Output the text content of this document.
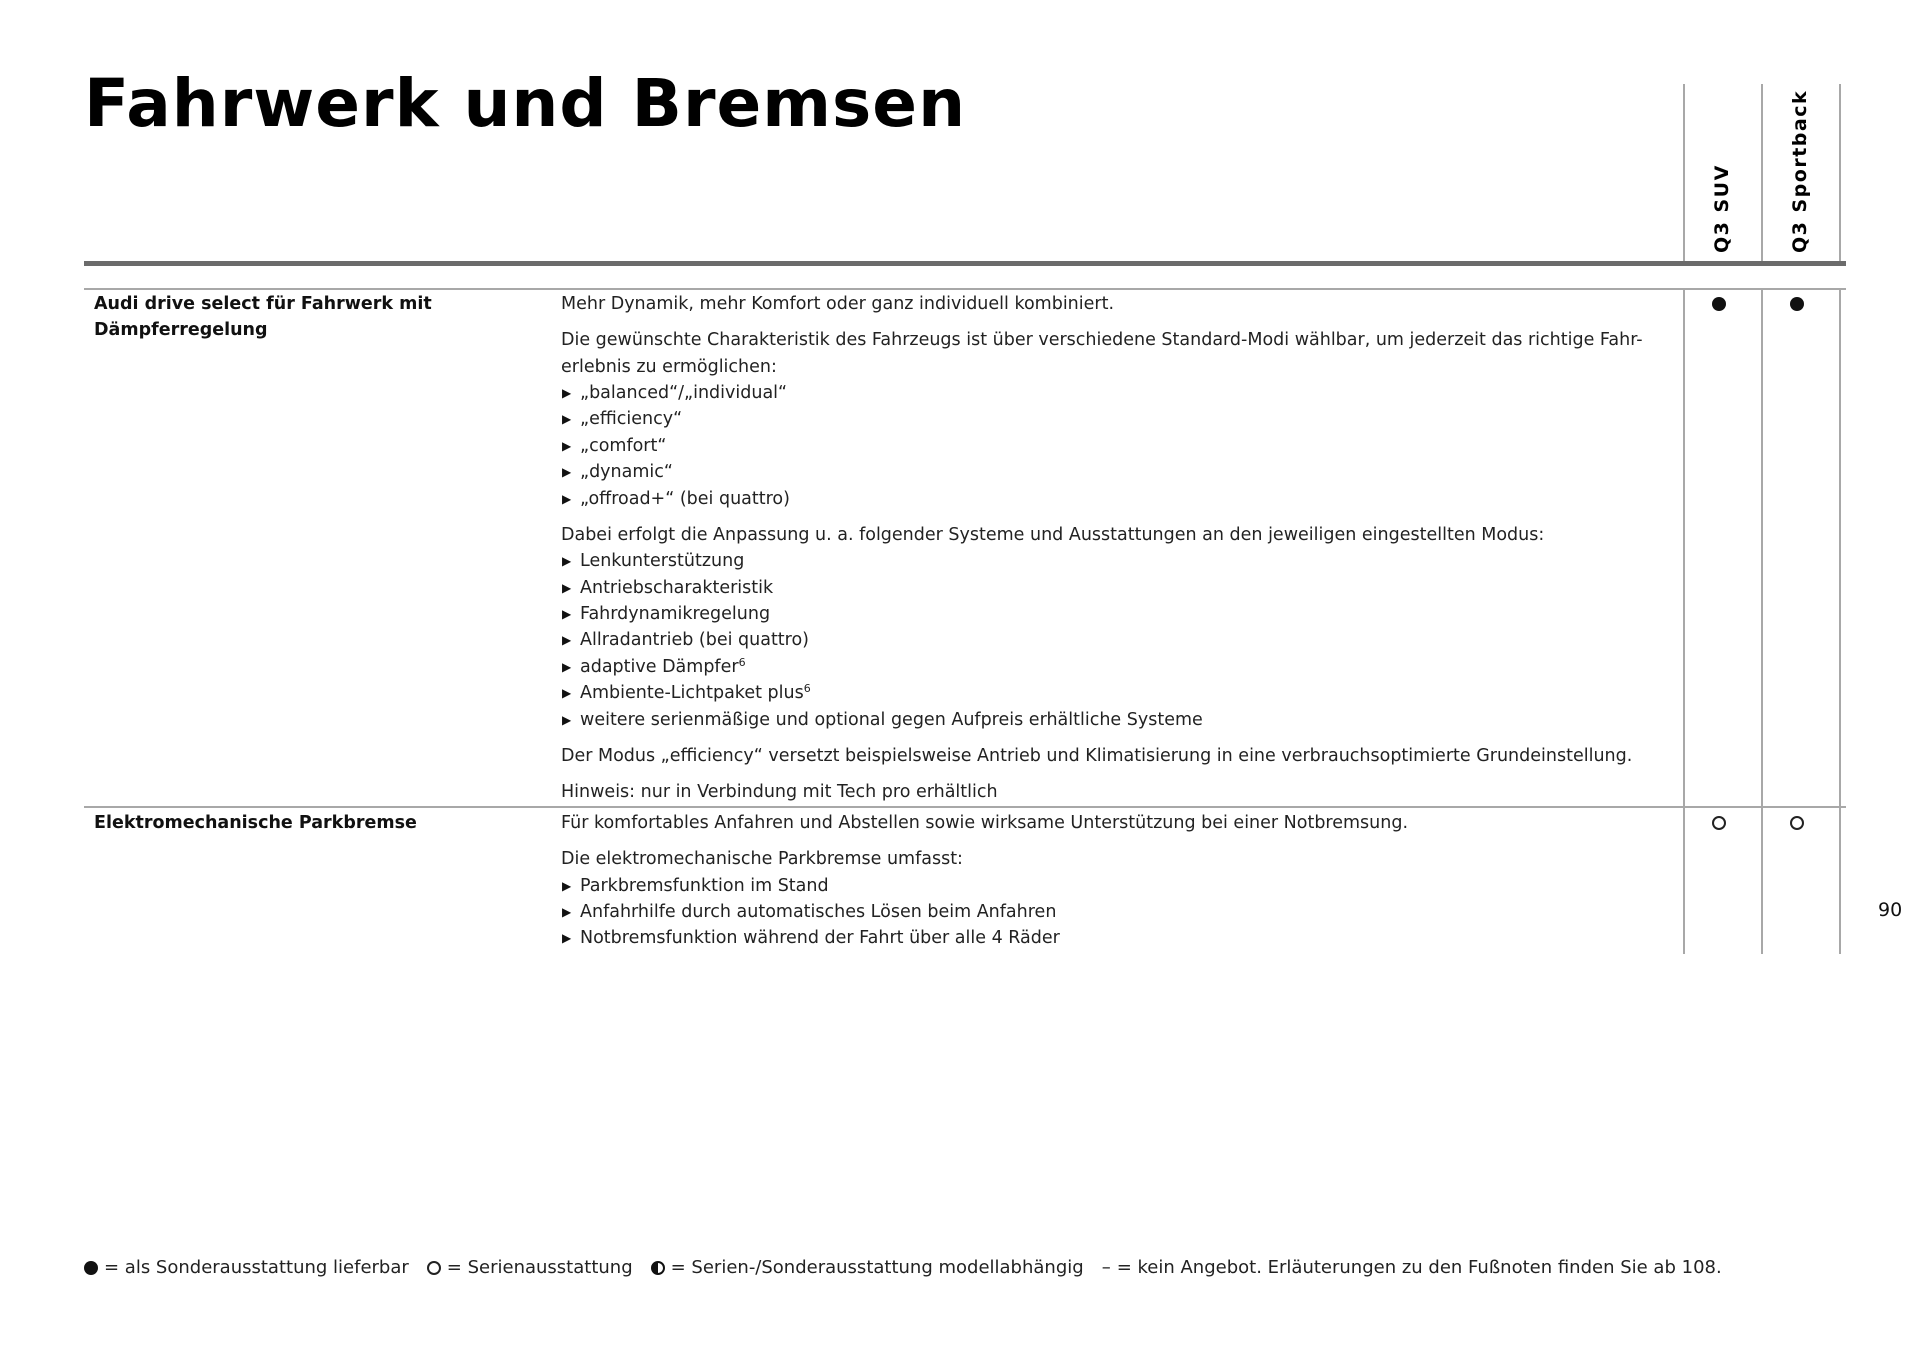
Fahrwerk und Bremsen
Q3 SUV	Q3 Sportback
Audi drive select für Fahrwerk mit Dämpferregelung

Mehr Dynamik, mehr Komfort oder ganz individuell kombiniert.

Die gewünschte Charakteristik des Fahrzeugs ist über verschiedene Standard-Modi wählbar, um jederzeit das richtige Fahr-erlebnis zu ermöglichen:

▶ „balanced“/„individual“
▶ „efficiency“
▶ „comfort“
▶ „dynamic“
▶ „offroad+“ (bei quattro)

Dabei erfolgt die Anpassung u. a. folgender Systeme und Ausstattungen an den jeweiligen eingestellten Modus:

▶ Lenkunterstützung
▶ Antriebscharakteristik
▶ Fahrdynamikregelung
▶ Allradantrieb (bei quattro)
▶ adaptive Dämpfer$^6$
▶ Ambiente-Lichtpaket plus$^6$
▶ weitere serienmäßige und optional gegen Aufpreis erhältliche Systeme

Der Modus „efficiency“ versetzt beispielsweise Antrieb und Klimatisierung in eine verbrauchsoptimierte Grundeinstellung.

Hinweis: nur in Verbindung mit Tech pro erhältlich

Elektromechanische Parkbremse	Für komfortables Anfahren und Abstellen sowie wirksame Unterstützung bei einer Notbremsung.

Die elektromechanische Parkbremse umfasst:

▶ Parkbremsfunktion im Stand
▶ Anfahrhilfe durch automatisches Lösen beim Anfahren
▶ Notbremsfunktion während der Fahrt über alle 4 Räder
90
= als Sonderausstattung lieferbar = Serienausstattung = Serien-/Sonderausstattung modellabhängig – = kein Angebot. Erläuterungen zu den Fußnoten finden Sie ab 108.
